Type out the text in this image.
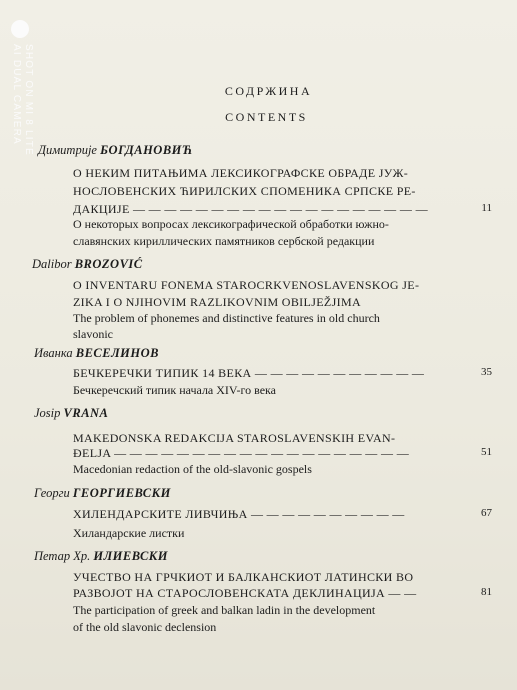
SHOT ON MI 8 LITE
AI DUAL CAMERA	СОДРЖИНА
CONTENTS
Димитрије БОГДАНОВИЋ
О НЕКИМ ПИТАЊИМА ЛЕКСИКОГРАФСКЕ ОБРАДЕ ЈУЖ-
НОСЛОВЕНСКИХ ЋИРИЛСКИХ СПОМЕНИКА СРПСКЕ РЕ-
ДАКЦИЈЕ — — — — — — — — — — — — — — — — — — —	11
О некоторых вопросах лексикографической обработки южно-
славянских кириллических памятников сербской редакции
Dalibor BROZOVIĆ
O INVENTARU FONEMA STAROCRKVENOSLAVENSKOG JE-
ZIKA I O NJIHOVIM RAZLIKOVNIM OBILJEŽJIMA
The problem of phonemes and distinctive features in old church
slavonic
Иванка ВЕСЕЛИНОВ
БЕЧКЕРЕЧКИ ТИПИК 14 ВЕКА — — — — — — — — — — —	35
Бечкеречский типик начала XIV-го века
Josip VRANA
MAKEDONSKA REDAKCIJA STAROSLAVENSKIH EVAN-
ĐELJA — — — — — — — — — — — — — — — — — — —	51
Macedonian redaction of the old-slavonic gospels
Георги ГЕОРГИЕВСКИ
ХИЛЕНДАРСКИТЕ ЛИВЧИЊА — — — — — — — — — —	67
Хиландарские листки
Петар Хр. ИЛИЕВСКИ
УЧЕСТВО НА ГРЧКИОТ И БАЛКАНСКИОТ ЛАТИНСКИ ВО
РАЗВОЈОТ НА СТАРОСЛОВЕНСКАТА ДЕКЛИНАЦИЈА — —	81
The participation of greek and balkan ladin in the development
of the old slavonic declension
